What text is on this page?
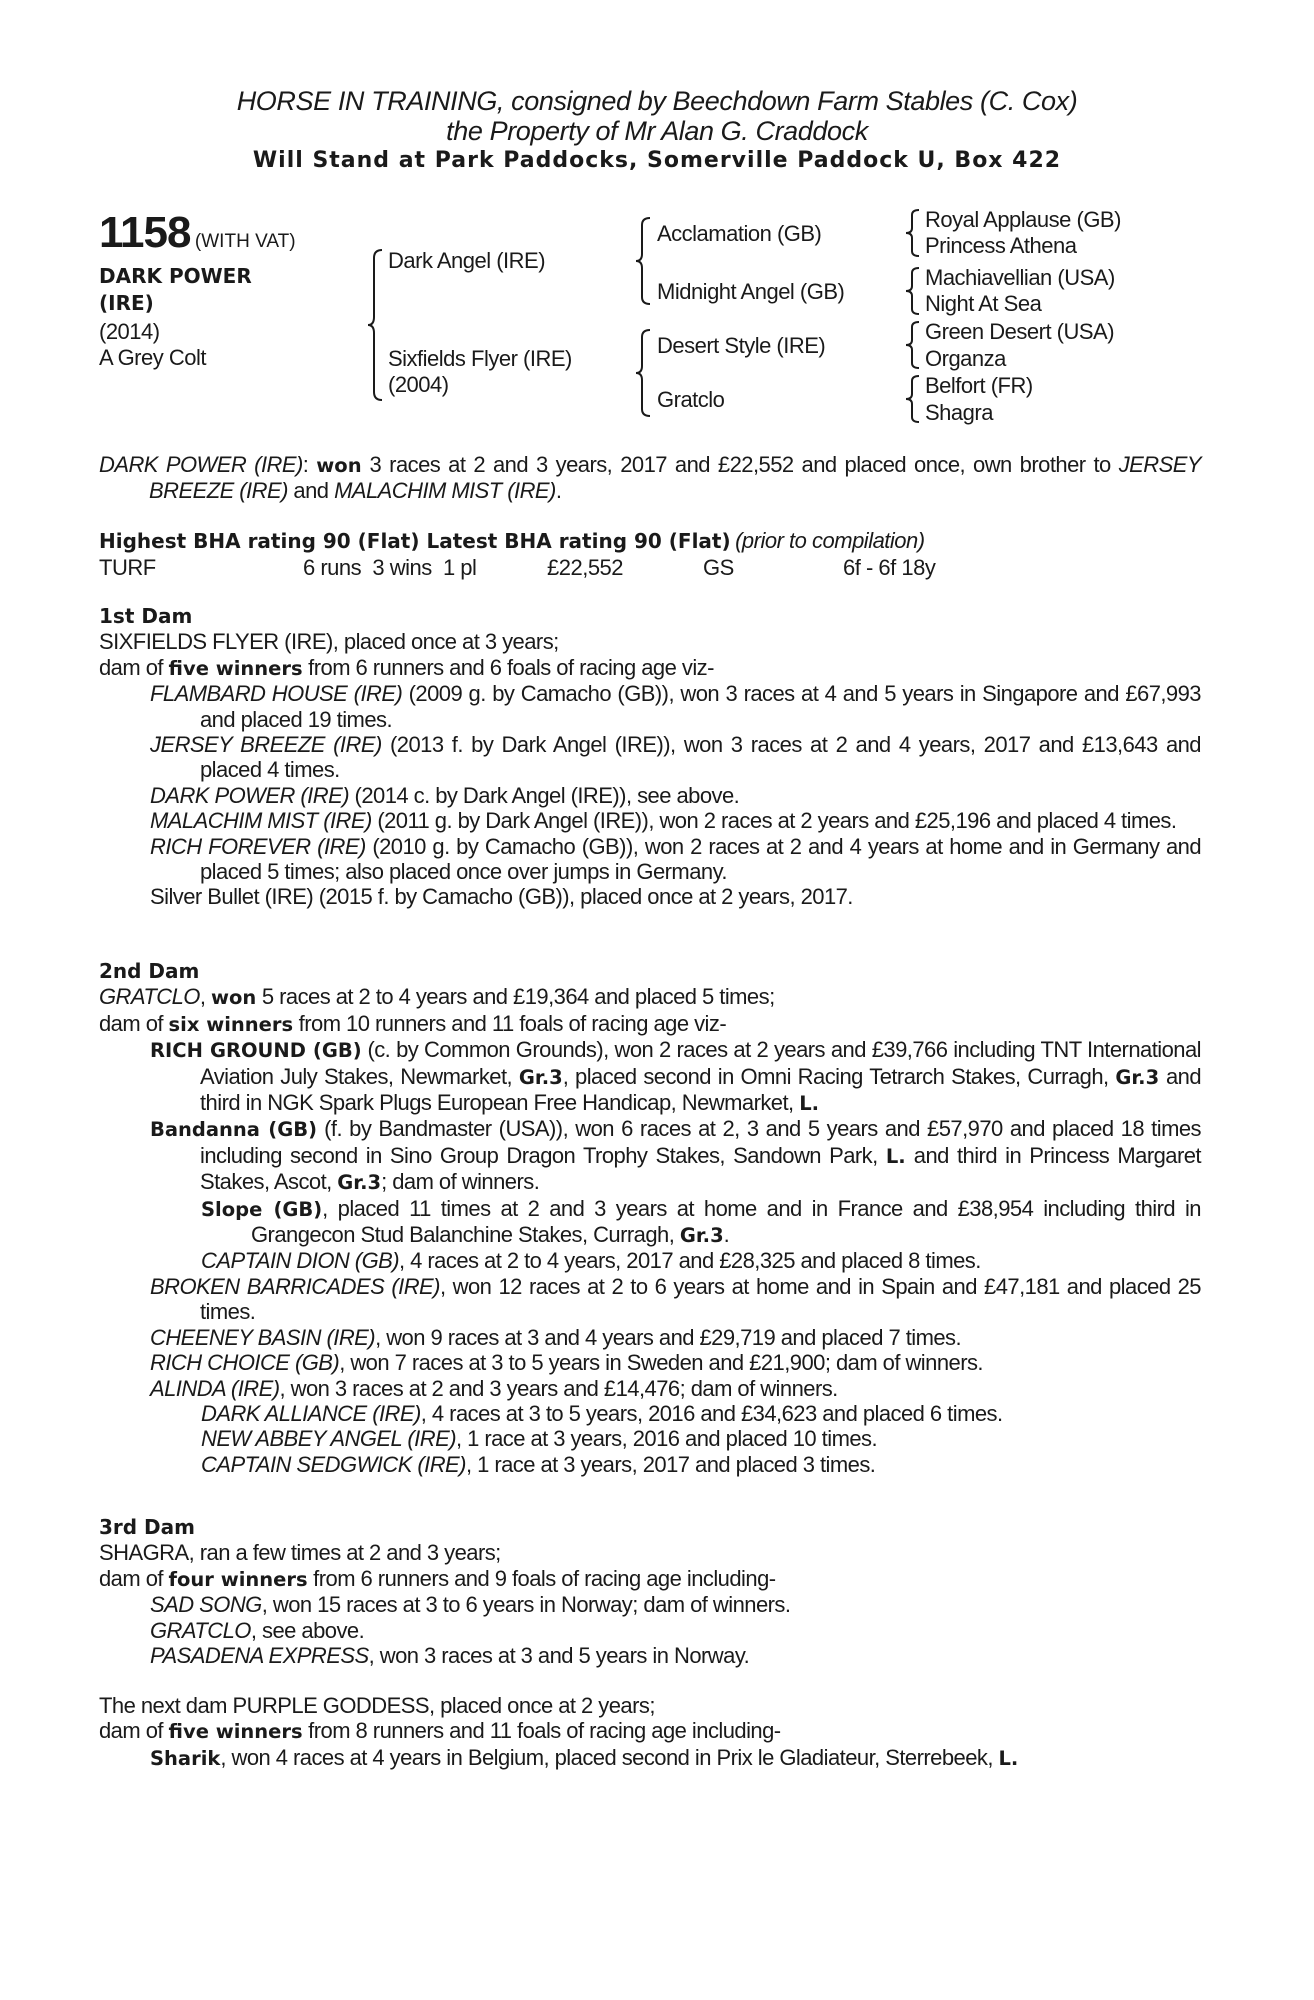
HORSE IN TRAINING, consigned by Beechdown Farm Stables (C. Cox)
the Property of Mr Alan G. Craddock
Will Stand at Park Paddocks, Somerville Paddock U, Box 422
1158 (WITH VAT)
DARK POWER
(IRE)
(2014)
A Grey Colt
Dark Angel (IRE)
Sixfields Flyer (IRE)
(2004)
Acclamation (GB)
Midnight Angel (GB)
Desert Style (IRE)
Gratclo
Royal Applause (GB)
Princess Athena
Machiavellian (USA)
Night At Sea
Green Desert (USA)
Organza
Belfort (FR)
Shagra
DARK POWER (IRE): won 3 races at 2 and 3 years, 2017 and £22,552 and placed once, own brother to JERSEY BREEZE (IRE) and MALACHIM MIST (IRE).
Highest BHA rating 90 (Flat) Latest BHA rating 90 (Flat) (prior to compilation)
TURF	6 runs  3 wins  1 pl	£22,552	GS	6f - 6f 18y
1st Dam
SIXFIELDS FLYER (IRE), placed once at 3 years;
dam of five winners from 6 runners and 6 foals of racing age viz-
FLAMBARD HOUSE (IRE) (2009 g. by Camacho (GB)), won 3 races at 4 and 5 years in Singapore and £67,993 and placed 19 times.
JERSEY BREEZE (IRE) (2013 f. by Dark Angel (IRE)), won 3 races at 2 and 4 years, 2017 and £13,643 and placed 4 times.
DARK POWER (IRE) (2014 c. by Dark Angel (IRE)), see above.
MALACHIM MIST (IRE) (2011 g. by Dark Angel (IRE)), won 2 races at 2 years and £25,196 and placed 4 times.
RICH FOREVER (IRE) (2010 g. by Camacho (GB)), won 2 races at 2 and 4 years at home and in Germany and placed 5 times; also placed once over jumps in Germany.
Silver Bullet (IRE) (2015 f. by Camacho (GB)), placed once at 2 years, 2017.
2nd Dam
GRATCLO, won 5 races at 2 to 4 years and £19,364 and placed 5 times;
dam of six winners from 10 runners and 11 foals of racing age viz-
RICH GROUND (GB) (c. by Common Grounds), won 2 races at 2 years and £39,766 including TNT International Aviation July Stakes, Newmarket, Gr.3, placed second in Omni Racing Tetrarch Stakes, Curragh, Gr.3 and third in NGK Spark Plugs European Free Handicap, Newmarket, L.
Bandanna (GB) (f. by Bandmaster (USA)), won 6 races at 2, 3 and 5 years and £57,970 and placed 18 times including second in Sino Group Dragon Trophy Stakes, Sandown Park, L. and third in Princess Margaret Stakes, Ascot, Gr.3; dam of winners.
Slope (GB), placed 11 times at 2 and 3 years at home and in France and £38,954 including third in Grangecon Stud Balanchine Stakes, Curragh, Gr.3.
CAPTAIN DION (GB), 4 races at 2 to 4 years, 2017 and £28,325 and placed 8 times.
BROKEN BARRICADES (IRE), won 12 races at 2 to 6 years at home and in Spain and £47,181 and placed 25 times.
CHEENEY BASIN (IRE), won 9 races at 3 and 4 years and £29,719 and placed 7 times.
RICH CHOICE (GB), won 7 races at 3 to 5 years in Sweden and £21,900; dam of winners.
ALINDA (IRE), won 3 races at 2 and 3 years and £14,476; dam of winners.
DARK ALLIANCE (IRE), 4 races at 3 to 5 years, 2016 and £34,623 and placed 6 times.
NEW ABBEY ANGEL (IRE), 1 race at 3 years, 2016 and placed 10 times.
CAPTAIN SEDGWICK (IRE), 1 race at 3 years, 2017 and placed 3 times.
3rd Dam
SHAGRA, ran a few times at 2 and 3 years;
dam of four winners from 6 runners and 9 foals of racing age including-
SAD SONG, won 15 races at 3 to 6 years in Norway; dam of winners.
GRATCLO, see above.
PASADENA EXPRESS, won 3 races at 3 and 5 years in Norway.
The next dam PURPLE GODDESS, placed once at 2 years;
dam of five winners from 8 runners and 11 foals of racing age including-
Sharik, won 4 races at 4 years in Belgium, placed second in Prix le Gladiateur, Sterrebeek, L.
